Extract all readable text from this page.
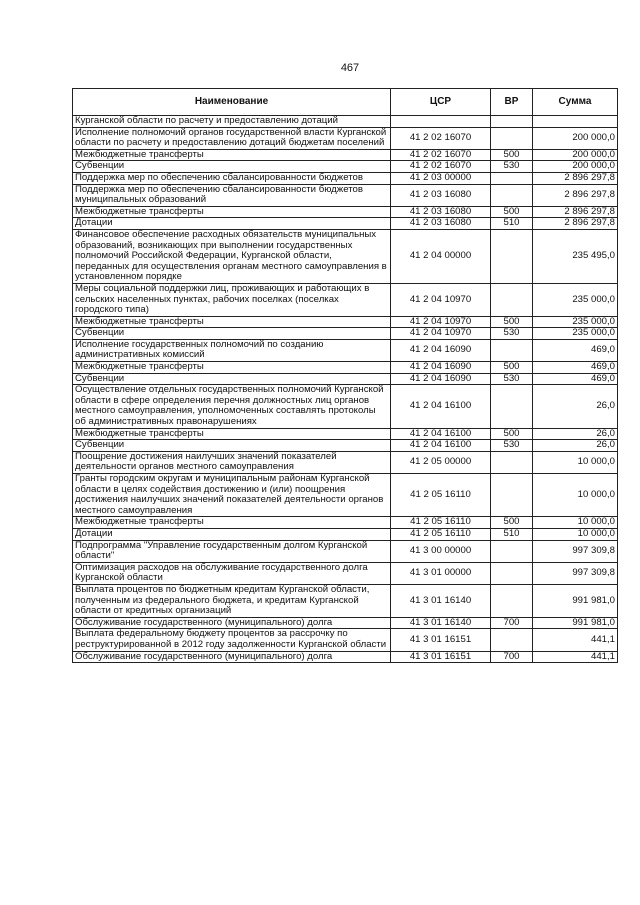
467
Наименование	ЦСР	ВР	Сумма
Курганской области по расчету и предоставлению дотаций			
Исполнение полномочий органов государственной власти Курганской области по расчету и предоставлению дотаций бюджетам поселений	41 2 02 16070		200 000,0
Межбюджетные трансферты	41 2 02 16070	500	200 000,0
Субвенции	41 2 02 16070	530	200 000,0
Поддержка мер по обеспечению сбалансированности бюджетов	41 2 03 00000		2 896 297,8
Поддержка мер по обеспечению сбалансированности бюджетов муниципальных образований	41 2 03 16080		2 896 297,8
Межбюджетные трансферты	41 2 03 16080	500	2 896 297,8
Дотации	41 2 03 16080	510	2 896 297,8
Финансовое обеспечение расходных обязательств муниципальных образований, возникающих при выполнении государственных полномочий Российской Федерации, Курганской области, переданных для осуществления органам местного самоуправления в установленном порядке	41 2 04 00000		235 495,0
Меры социальной поддержки лиц, проживающих и работающих в сельских населенных пунктах, рабочих поселках (поселках городского типа)	41 2 04 10970		235 000,0
Межбюджетные трансферты	41 2 04 10970	500	235 000,0
Субвенции	41 2 04 10970	530	235 000,0
Исполнение государственных полномочий по созданию административных комиссий	41 2 04 16090		469,0
Межбюджетные трансферты	41 2 04 16090	500	469,0
Субвенции	41 2 04 16090	530	469,0
Осуществление отдельных государственных полномочий Курганской области в сфере определения перечня должностных лиц органов местного самоуправления, уполномоченных составлять протоколы об административных правонарушениях	41 2 04 16100		26,0
Межбюджетные трансферты	41 2 04 16100	500	26,0
Субвенции	41 2 04 16100	530	26,0
Поощрение достижения наилучших значений показателей деятельности органов местного самоуправления	41 2 05 00000		10 000,0
Гранты городским округам и муниципальным районам Курганской области в целях содействия достижению и (или) поощрения достижения наилучших значений показателей деятельности органов местного самоуправления	41 2 05 16110		10 000,0
Межбюджетные трансферты	41 2 05 16110	500	10 000,0
Дотации	41 2 05 16110	510	10 000,0
Подпрограмма "Управление государственным долгом Курганской области"	41 3 00 00000		997 309,8
Оптимизация расходов на обслуживание государственного долга Курганской области	41 3 01 00000		997 309,8
Выплата процентов по бюджетным кредитам Курганской области, полученным из федерального бюджета, и кредитам Курганской области от кредитных организаций	41 3 01 16140		991 981,0
Обслуживание государственного (муниципального) долга	41 3 01 16140	700	991 981,0
Выплата федеральному бюджету процентов за рассрочку по реструктурированной в 2012 году задолженности Курганской области	41 3 01 16151		441,1
Обслуживание государственного (муниципального) долга	41 3 01 16151	700	441,1
